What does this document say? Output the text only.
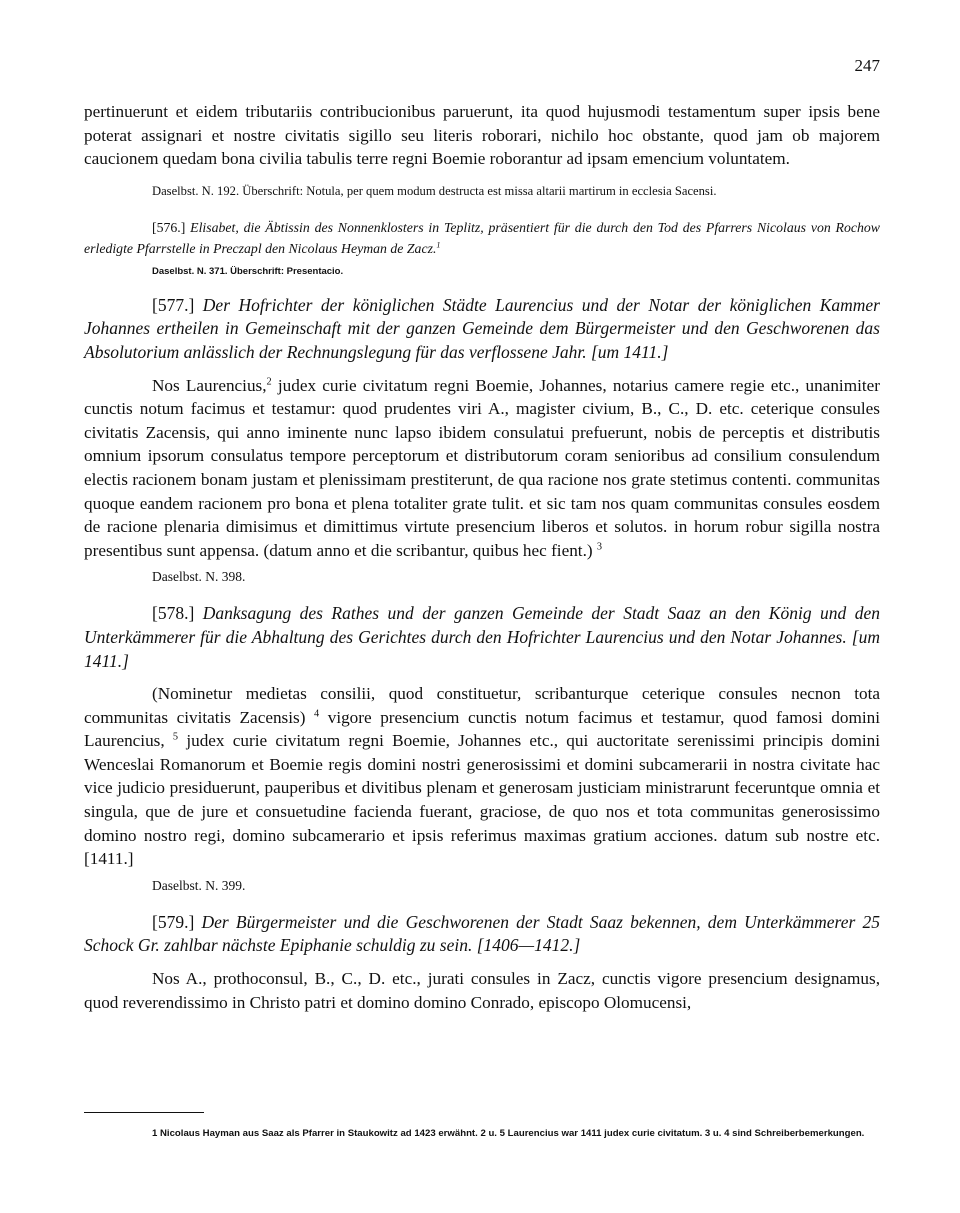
247

pertinuerunt et eidem tributariis contribucionibus paruerunt, ita quod hujusmodi testamentum super ipsis bene poterat assignari et nostre civitatis sigillo seu literis roborari, nichilo hoc obstante, quod jam ob majorem caucionem quedam bona civilia tabulis terre regni Boemie roborantur ad ipsam emencium voluntatem.

Daselbst. N. 192. Überschrift: Notula, per quem modum destructa est missa altarii martirum in ecclesia Sacensi.

[576.] Elisabet, die Äbtissin des Nonnenklosters in Teplitz, präsentiert für die durch den Tod des Pfarrers Nicolaus von Rochow erledigte Pfarrstelle in Preczapl den Nicolaus Heyman de Zacz.$^1$

Daselbst. N. 371. Überschrift: Presentacio.

[577.] Der Hofrichter der königlichen Städte Laurencius und der Notar der königlichen Kammer Johannes ertheilen in Gemeinschaft mit der ganzen Gemeinde dem Bürgermeister und den Geschworenen das Absolutorium anlässlich der Rechnungslegung für das verflossene Jahr. [um 1411.]

Nos Laurencius,$^2$ judex curie civitatum regni Boemie, Johannes, notarius camere regie etc., unanimiter cunctis notum facimus et testamur: quod prudentes viri A., magister civium, B., C., D. etc. ceterique consules civitatis Zacensis, qui anno iminente nunc lapso ibidem consulatui prefuerunt, nobis de perceptis et distributis omnium ipsorum consulatus tempore perceptorum et distributorum coram senioribus ad consilium consulendum electis racionem bonam justam et plenissimam prestiterunt, de qua racione nos grate stetimus contenti. communitas quoque eandem racionem pro bona et plena totaliter grate tulit. et sic tam nos quam communitas consules eosdem de racione plenaria dimisimus et dimittimus virtute presencium liberos et solutos. in horum robur sigilla nostra presentibus sunt appensa. (datum anno et die scribantur, quibus hec fient.) $^3$

Daselbst. N. 398.

[578.] Danksagung des Rathes und der ganzen Gemeinde der Stadt Saaz an den König und den Unterkämmerer für die Abhaltung des Gerichtes durch den Hofrichter Laurencius und den Notar Johannes. [um 1411.]

(Nominetur medietas consilii, quod constituetur, scribanturque ceterique consules necnon tota communitas civitatis Zacensis) $^4$ vigore presencium cunctis notum facimus et testamur, quod famosi domini Laurencius, $^5$ judex curie civitatum regni Boemie, Johannes etc., qui auctoritate serenissimi principis domini Wenceslai Romanorum et Boemie regis domini nostri generosissimi et domini subcamerarii in nostra civitate hac vice judicio presiduerunt, pauperibus et divitibus plenam et generosam justiciam ministrarunt feceruntque omnia et singula, que de jure et consuetudine facienda fuerant, graciose, de quo nos et tota communitas generosissimo domino nostro regi, domino subcamerario et ipsis referimus maximas gratium acciones. datum sub nostre etc. [1411.]

Daselbst. N. 399.

[579.] Der Bürgermeister und die Geschworenen der Stadt Saaz bekennen, dem Unterkämmerer 25 Schock Gr. zahlbar nächste Epiphanie schuldig zu sein. [1406—1412.]

Nos A., prothoconsul, B., C., D. etc., jurati consules in Zacz, cunctis vigore presencium designamus, quod reverendissimo in Christo patri et domino domino Conrado, episcopo Olomucensi,

1 Nicolaus Hayman aus Saaz als Pfarrer in Staukowitz ad 1423 erwähnt. 2 u. 5 Laurencius war 1411 judex curie civitatum. 3 u. 4 sind Schreiberbemerkungen.
